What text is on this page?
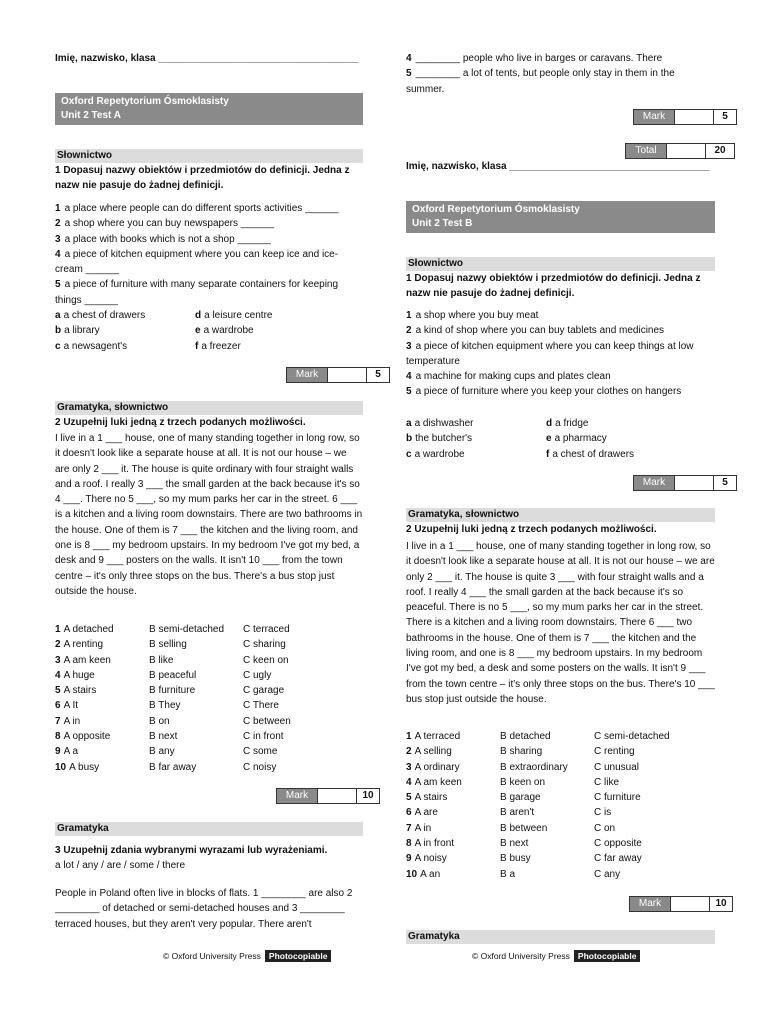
Imię, nazwisko, klasa ____________________________________
Oxford Repetytorium Ósmoklasisty
Unit 2 Test A
Słownictwo
1 Dopasuj nazwy obiektów i przedmiotów do definicji. Jedna z nazw nie pasuje do żadnej definicji.
1 a place where people can do different sports activities ______
2 a shop where you can buy newspapers ______
3 a place with books which is not a shop ______
4 a piece of kitchen equipment where you can keep ice and ice-cream ______
5 a piece of furniture with many separate containers for keeping things ______
a a chest of drawers	d a leisure centre
b a library	e a wardrobe
c a newsagent's	f a freezer
Mark	5
Gramatyka, słownictwo
2 Uzupełnij luki jedną z trzech podanych możliwości.
I live in a 1 ___ house, one of many standing together in long row, so it doesn't look like a separate house at all. It is not our house – we are only 2 ___ it. The house is quite ordinary with four straight walls and a roof. I really 3 ___ the small garden at the back because it's so 4 ___. There no 5 ___, so my mum parks her car in the street. 6 ___ is a kitchen and a living room downstairs. There are two bathrooms in the house. One of them is 7 ___ the kitchen and the living room, and one is 8 ___ my bedroom upstairs. In my bedroom I've got my bed, a desk and 9 ___ posters on the walls. It isn't 10 ___ from the town centre – it's only three stops on the bus. There's a bus stop just outside the house.
1 A detached	B semi-detached	C terraced
2 A renting	B selling	C sharing
3 A am keen	B like	C keen on
4 A huge	B peaceful	C ugly
5 A stairs	B furniture	C garage
6 A It	B They	C There
7 A in	B on	C between
8 A opposite	B next	C in front
9 A a	B any	C some
10 A busy	B far away	C noisy
Mark	10
Gramatyka
3 Uzupełnij zdania wybranymi wyrazami lub wyrażeniami.
a lot / any / are / some / there
People in Poland often live in blocks of flats. 1 ________ are also 2 ________ of detached or semi-detached houses and 3 ________ terraced houses, but they aren't very popular. There aren't
© Oxford University Press Photocopiable
4 ________ people who live in barges or caravans. There
5 ________ a lot of tents, but people only stay in them in the summer.
Mark	5
Total	20
Imię, nazwisko, klasa ____________________________________
Oxford Repetytorium Ósmoklasisty
Unit 2 Test B
Słownictwo
1 Dopasuj nazwy obiektów i przedmiotów do definicji. Jedna z nazw nie pasuje do żadnej definicji.
1 a shop where you buy meat
2 a kind of shop where you can buy tablets and medicines
3 a piece of kitchen equipment where you can keep things at low temperature
4 a machine for making cups and plates clean
5 a piece of furniture where you keep your clothes on hangers
a a dishwasher	d a fridge
b the butcher's	e a pharmacy
c a wardrobe	f a chest of drawers
Mark	5
Gramatyka, słownictwo
2 Uzupełnij luki jedną z trzech podanych możliwości.
I live in a 1 ___ house, one of many standing together in long row, so it doesn't look like a separate house at all. It is not our house – we are only 2 ___ it. The house is quite 3 ___ with four straight walls and a roof. I really 4 ___ the small garden at the back because it's so peaceful. There is no 5 ___, so my mum parks her car in the street. There is a kitchen and a living room downstairs. There 6 ___ two bathrooms in the house. One of them is 7 ___ the kitchen and the living room, and one is 8 ___ my bedroom upstairs. In my bedroom I've got my bed, a desk and some posters on the walls. It isn't 9 ___ from the town centre – it's only three stops on the bus. There's 10 ___ bus stop just outside the house.
1 A terraced	B detached	C semi-detached
2 A selling	B sharing	C renting
3 A ordinary	B extraordinary	C unusual
4 A am keen	B keen on	C like
5 A stairs	B garage	C furniture
6 A are	B aren't	C is
7 A in	B between	C on
8 A in front	B next	C opposite
9 A noisy	B busy	C far away
10 A an	B a	C any
Mark	10
Gramatyka
© Oxford University Press Photocopiable
